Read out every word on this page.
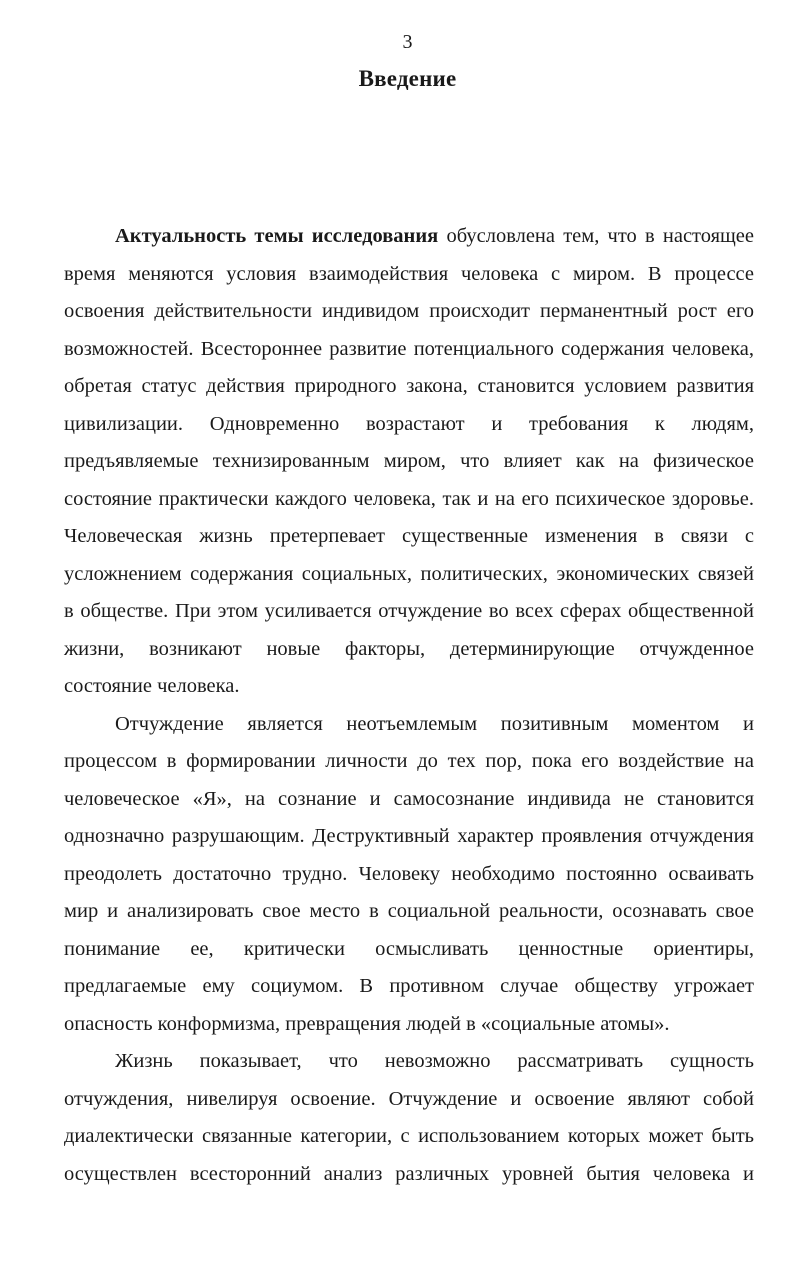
3
Введение
Актуальность темы исследования обусловлена тем, что в настоящее
время меняются условия взаимодействия человека с миром. В процессе
освоения действительности индивидом происходит перманентный рост его
возможностей. Всестороннее развитие потенциального содержания человека,
обретая статус действия природного закона, становится условием развития
цивилизации. Одновременно возрастают и требования к людям,
предъявляемые технизированным миром, что влияет как на физическое
состояние практически каждого человека, так и на его психическое здоровье.
Человеческая жизнь претерпевает существенные изменения в связи с
усложнением содержания социальных, политических, экономических связей
в обществе. При этом усиливается отчуждение во всех сферах общественной
жизни, возникают новые факторы, детерминирующие отчужденное
состояние человека.
Отчуждение является неотъемлемым позитивным моментом и
процессом в формировании личности до тех пор, пока его воздействие на
человеческое «Я», на сознание и самосознание индивида не становится
однозначно разрушающим. Деструктивный характер проявления отчуждения
преодолеть достаточно трудно. Человеку необходимо постоянно осваивать
мир и анализировать свое место в социальной реальности, осознавать свое
понимание ее, критически осмысливать ценностные ориентиры,
предлагаемые ему социумом. В противном случае обществу угрожает
опасность конформизма, превращения людей в «социальные атомы».
Жизнь показывает, что невозможно рассматривать сущность
отчуждения, нивелируя освоение. Отчуждение и освоение являют собой
диалектически связанные категории, с использованием которых может быть
осуществлен всесторонний анализ различных уровней бытия человека и
